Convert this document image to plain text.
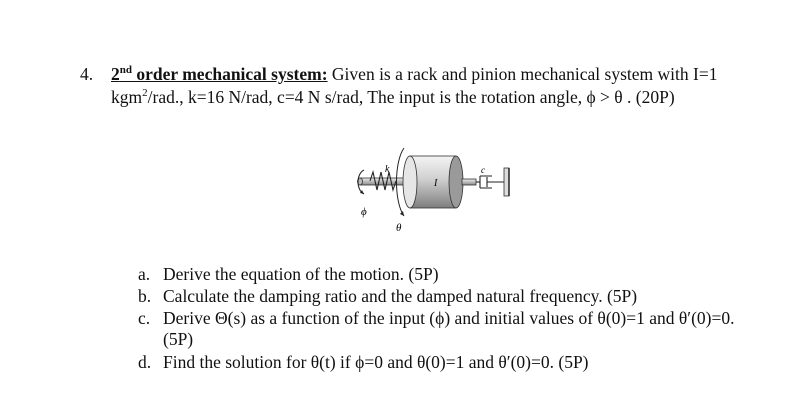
4. 2nd order mechanical system: Given is a rack and pinion mechanical system with I=1
kgm$^2$/rad., k=16 N/rad, c=4 N s/rad, The input is the rotation angle, ϕ > θ . (20P)
k
I
c
ϕ
θ
a. Derive the equation of the motion. (5P)
b. Calculate the damping ratio and the damped natural frequency. (5P)
c. Derive Θ(s) as a function of the input (ϕ) and initial values of θ(0)=1 and θ′(0)=0.
(5P)
d. Find the solution for θ(t) if ϕ=0 and θ(0)=1 and θ′(0)=0. (5P)
